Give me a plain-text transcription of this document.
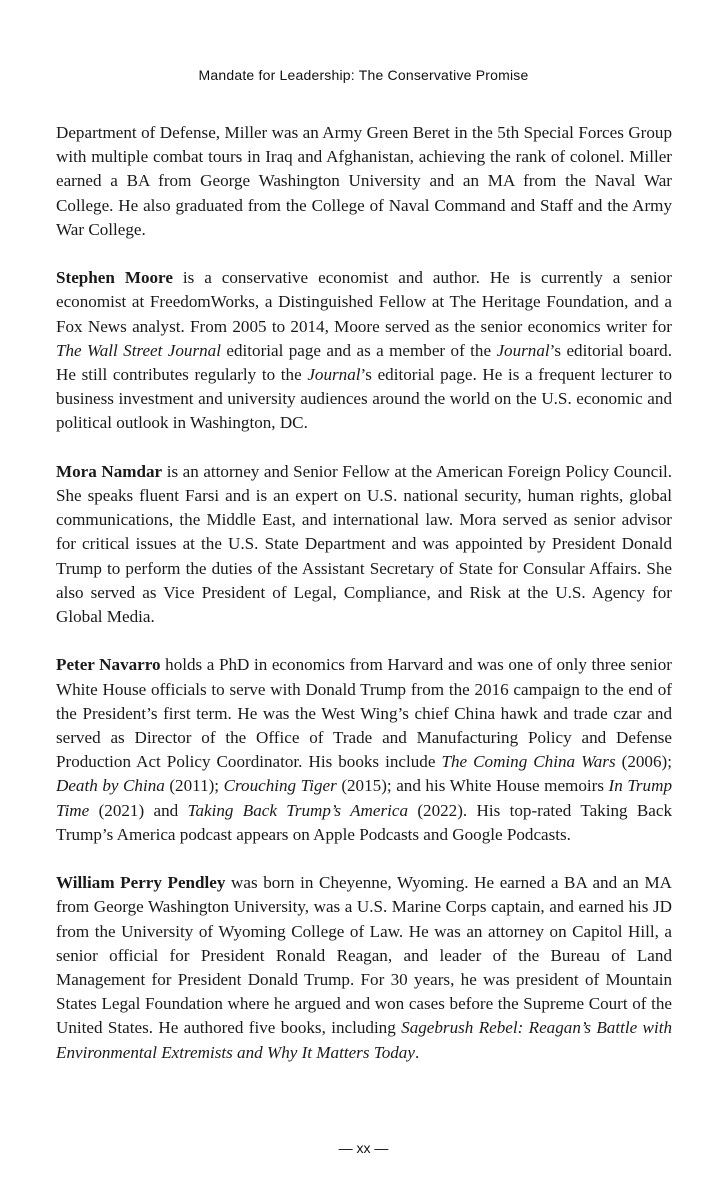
Mandate for Leadership: The Conservative Promise

Department of Defense, Miller was an Army Green Beret in the 5th Special Forces Group with multiple combat tours in Iraq and Afghanistan, achieving the rank of colonel. Miller earned a BA from George Washington University and an MA from the Naval War College. He also graduated from the College of Naval Command and Staff and the Army War College.

Stephen Moore is a conservative economist and author. He is currently a senior economist at FreedomWorks, a Distinguished Fellow at The Heritage Foundation, and a Fox News analyst. From 2005 to 2014, Moore served as the senior economics writer for The Wall Street Journal editorial page and as a member of the Journal’s editorial board. He still contributes regularly to the Journal’s editorial page. He is a frequent lecturer to business investment and university audiences around the world on the U.S. economic and political outlook in Washington, DC.

Mora Namdar is an attorney and Senior Fellow at the American Foreign Policy Council. She speaks fluent Farsi and is an expert on U.S. national security, human rights, global communications, the Middle East, and international law. Mora served as senior advisor for critical issues at the U.S. State Department and was appointed by President Donald Trump to perform the duties of the Assistant Secretary of State for Consular Affairs. She also served as Vice President of Legal, Compliance, and Risk at the U.S. Agency for Global Media.

Peter Navarro holds a PhD in economics from Harvard and was one of only three senior White House officials to serve with Donald Trump from the 2016 campaign to the end of the President’s first term. He was the West Wing’s chief China hawk and trade czar and served as Director of the Office of Trade and Manufacturing Policy and Defense Production Act Policy Coordinator. His books include The Coming China Wars (2006); Death by China (2011); Crouching Tiger (2015); and his White House memoirs In Trump Time (2021) and Taking Back Trump’s America (2022). His top-rated Taking Back Trump’s America podcast appears on Apple Podcasts and Google Podcasts.

William Perry Pendley was born in Cheyenne, Wyoming. He earned a BA and an MA from George Washington University, was a U.S. Marine Corps captain, and earned his JD from the University of Wyoming College of Law. He was an attorney on Capitol Hill, a senior official for President Ronald Reagan, and leader of the Bureau of Land Management for President Donald Trump. For 30 years, he was president of Mountain States Legal Foundation where he argued and won cases before the Supreme Court of the United States. He authored five books, including Sagebrush Rebel: Reagan’s Battle with Environmental Extremists and Why It Matters Today.

— xx —
